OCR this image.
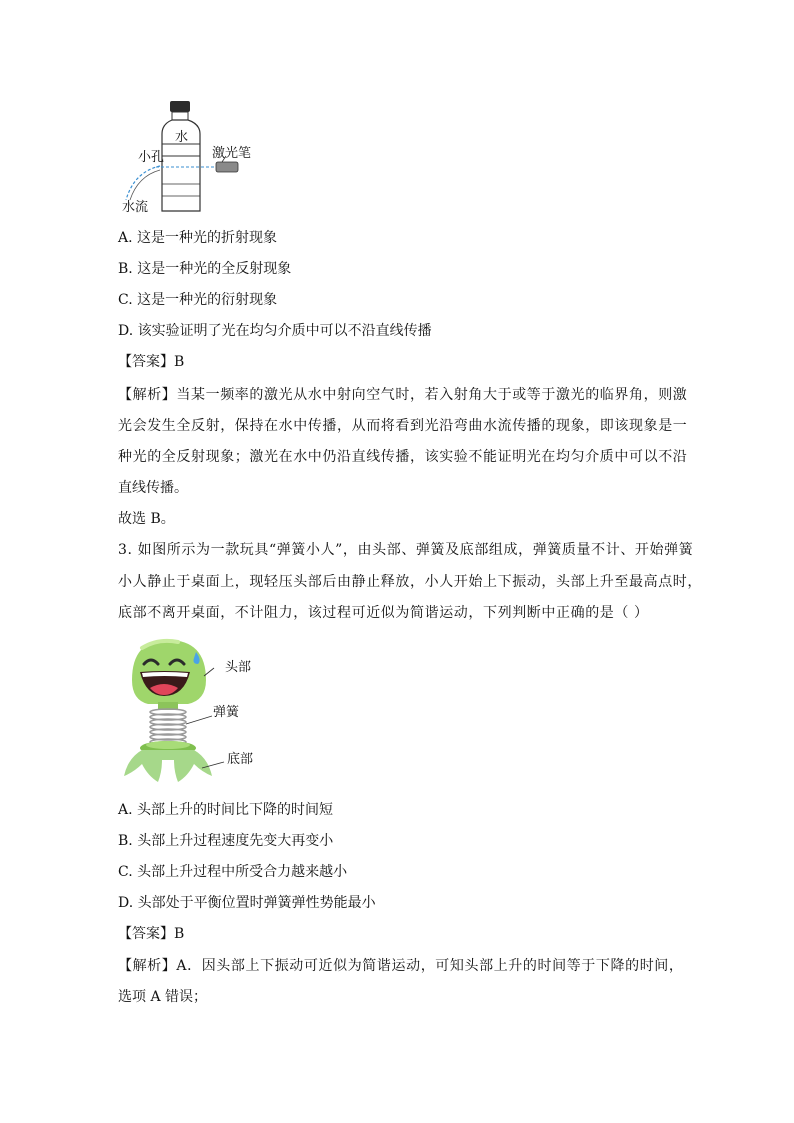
水
小孔	激光笔
水流
A. 这是一种光的折射现象
B. 这是一种光的全反射现象
C. 这是一种光的衍射现象
D. 该实验证明了光在均匀介质中可以不沿直线传播
【答案】B
【解析】当某一频率的激光从水中射向空气时，若入射角大于或等于激光的临界角，则激
光会发生全反射，保持在水中传播，从而将看到光沿弯曲水流传播的现象，即该现象是一
种光的全反射现象；激光在水中仍沿直线传播，该实验不能证明光在均匀介质中可以不沿
直线传播。
故选 B。
3. 如图所示为一款玩具“弹簧小人”，由头部、弹簧及底部组成，弹簧质量不计、开始弹簧
小人静止于桌面上，现轻压头部后由静止释放，小人开始上下振动，头部上升至最高点时，
底部不离开桌面，不计阻力，该过程可近似为简谐运动，下列判断中正确的是（ ）
头部
弹簧
底部
A. 头部上升的时间比下降的时间短
B. 头部上升过程速度先变大再变小
C. 头部上升过程中所受合力越来越小
D. 头部处于平衡位置时弹簧弹性势能最小
【答案】B
【解析】A．因头部上下振动可近似为简谐运动，可知头部上升的时间等于下降的时间，
选项 A 错误；
